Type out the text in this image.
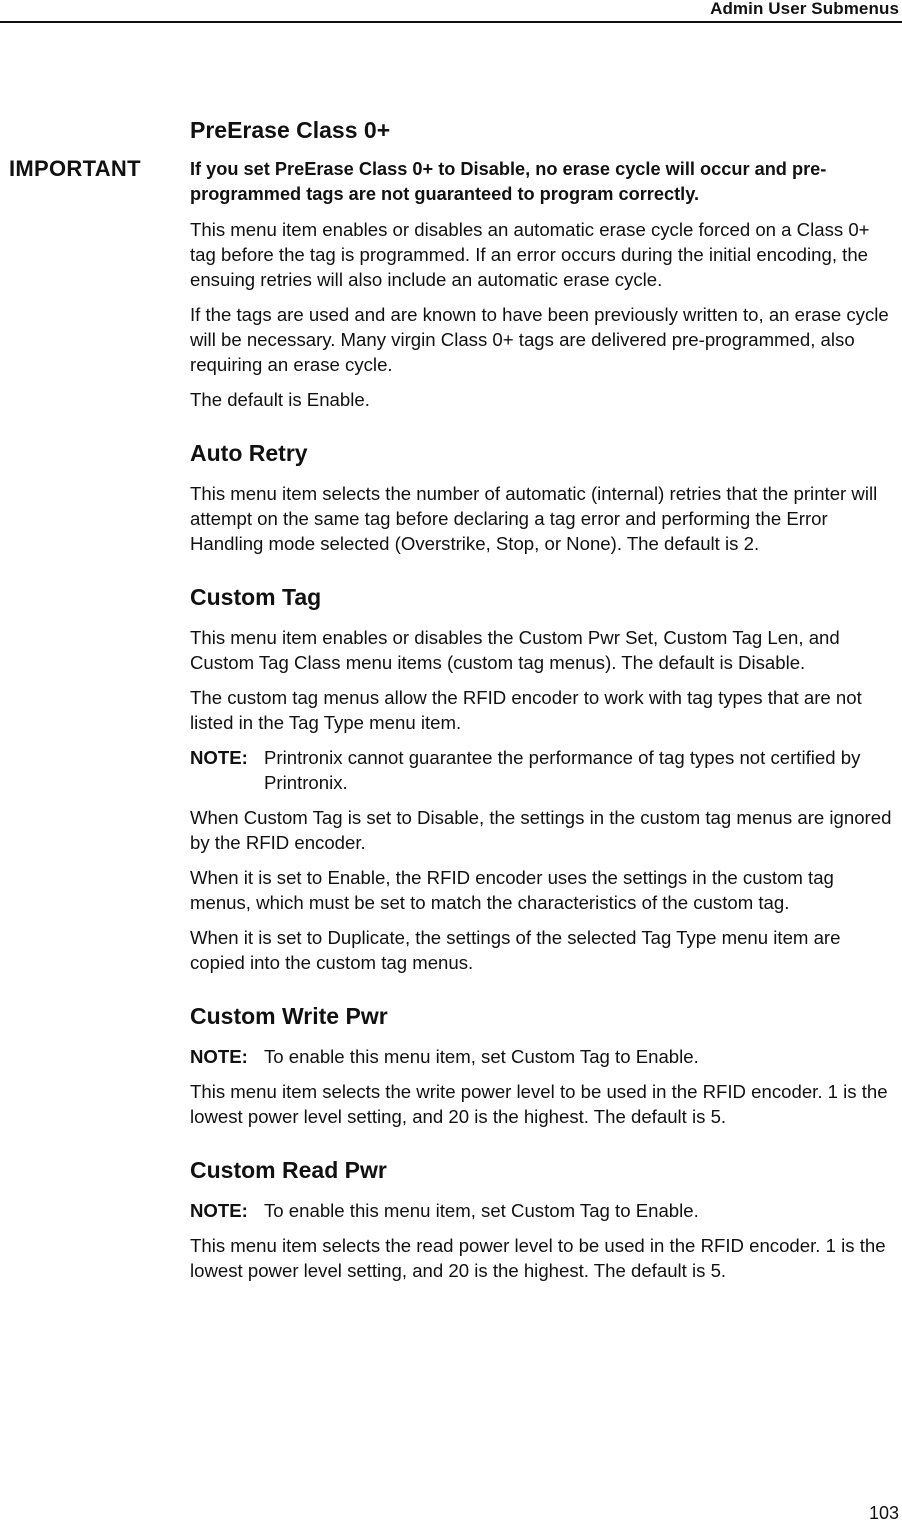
Admin User Submenus
PreErase Class 0+
IMPORTANT	If you set PreErase Class 0+ to Disable, no erase cycle will occur and pre-programmed tags are not guaranteed to program correctly.

This menu item enables or disables an automatic erase cycle forced on a Class 0+ tag before the tag is programmed. If an error occurs during the initial encoding, the ensuing retries will also include an automatic erase cycle.

If the tags are used and are known to have been previously written to, an erase cycle will be necessary. Many virgin Class 0+ tags are delivered pre-programmed, also requiring an erase cycle.

The default is Enable.

Auto Retry

This menu item selects the number of automatic (internal) retries that the printer will attempt on the same tag before declaring a tag error and performing the Error Handling mode selected (Overstrike, Stop, or None). The default is 2.

Custom Tag

This menu item enables or disables the Custom Pwr Set, Custom Tag Len, and Custom Tag Class menu items (custom tag menus). The default is Disable.

The custom tag menus allow the RFID encoder to work with tag types that are not listed in the Tag Type menu item.

NOTE: Printronix cannot guarantee the performance of tag types not certified by Printronix.

When Custom Tag is set to Disable, the settings in the custom tag menus are ignored by the RFID encoder.

When it is set to Enable, the RFID encoder uses the settings in the custom tag menus, which must be set to match the characteristics of the custom tag.

When it is set to Duplicate, the settings of the selected Tag Type menu item are copied into the custom tag menus.

Custom Write Pwr
NOTE: To enable this menu item, set Custom Tag to Enable.

This menu item selects the write power level to be used in the RFID encoder. 1 is the lowest power level setting, and 20 is the highest. The default is 5.

Custom Read Pwr
NOTE: To enable this menu item, set Custom Tag to Enable.

This menu item selects the read power level to be used in the RFID encoder. 1 is the lowest power level setting, and 20 is the highest. The default is 5.

103
